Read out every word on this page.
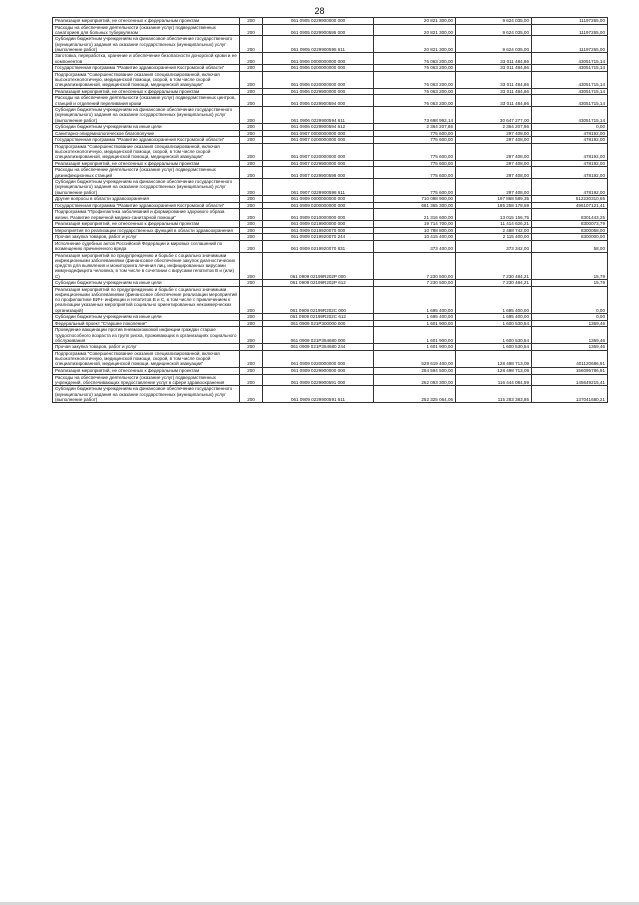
28
Реализация мероприятий, не отнесенных к федеральным проектам	200	061 0905 0229900000 000	20 821 300,00	9 624 035,00	11197265,00
Расходы на обеспечение деятельности (оказание услуг) подведомственных санаториев для больных туберкулезом	200	061 0905 0229900595 000	20 821 300,00	9 624 035,00	11197265,00
Субсидии бюджетным учреждениям на финансовое обеспечение государственного (муниципального) задания на оказание государственных (муниципальных) услуг (выполнение работ)	200	061 0905 0229900595 611	20 821 300,00	9 624 035,00	11197265,00
Заготовка, переработка, хранение и обеспечение безопасности донорской крови и ее компонентов	200	061 0906 0000000000 000	76 063 200,00	33 011 484,86	43051715,14
Государственная программа "Развитие здравоохранения Костромской области"	200	061 0906 0200000000 000	76 063 200,00	33 011 484,86	43051715,14
Подпрограмма "Совершенствование оказания специализированной, включая высокотехнологичную, медицинской помощи, скорой, в том числе скорой специализированной, медицинской помощи, медицинской эвакуации"	200	061 0906 0220000000 000	76 063 200,00	33 011 484,86	43051715,14
Реализация мероприятий, не отнесенных к федеральным проектам	200	061 0906 0229900000 000	76 063 200,00	33 011 484,86	43051715,14
Расходы на обеспечение деятельности (оказание услуг) подведомственных центров, станций и отделений переливания крови	200	061 0906 0229900594 000	76 063 200,00	33 011 484,86	43051715,14
Субсидии бюджетным учреждениям на финансовое обеспечение государственного (муниципального) задания на оказание государственных (муниципальных) услуг (выполнение работ)	200	061 0906 0229900594 611	73 698 992,14	30 647 277,00	43051715,14
Субсидии бюджетным учреждениям на иные цели	200	061 0906 0229900594 612	2 364 207,86	2 364 207,86	0,00
Санитарно-эпидемиологическое благополучие	200	061 0907 0000000000 000	775 600,00	297 408,00	478192,00
Государственная программа "Развитие здравоохранения Костромской области"	200	061 0907 0200000000 000	775 600,00	297 408,00	478192,00
Подпрограмма "Совершенствование оказания специализированной, включая высокотехнологичную, медицинской помощи, скорой, в том числе скорой специализированной, медицинской помощи, медицинской эвакуации"	200	061 0907 0220000000 000	775 600,00	297 408,00	478192,00
Реализация мероприятий, не отнесенных к федеральным проектам	200	061 0907 0229900000 000	775 600,00	297 408,00	478192,00
Расходы на обеспечение деятельности (оказание услуг) подведомственных дезинфекционных станций	200	061 0907 0229900598 000	775 600,00	297 408,00	478192,00
Субсидии бюджетным учреждениям на финансовое обеспечение государственного (муниципального) задания на оказание государственных (муниципальных) услуг (выполнение работ)	200	061 0907 0229900598 611	775 600,00	297 408,00	478192,00
Другие вопросы в области здравоохранения	200	061 0909 0000000000 000	710 098 900,00	197 868 589,35	512230310,65
Государственная программа "Развитие здравоохранения Костромской области"	200	061 0909 0200000000 000	681 365 300,00	185 258 178,59	496107121,41
Подпрограмма "Профилактика заболеваний и формирование здорового образа жизни. Развитие первичной медико-санитарной помощи"	200	061 0909 0210000000 000	21 316 600,00	13 015 156,75	8301443,25
Реализация мероприятий, не отнесенных к федеральным проектам	200	061 0909 0219900000 000	19 714 700,00	11 414 626,21	8300073,79
Мероприятия по реализации государственных функций в области здравоохранения	200	061 0909 0219920070 000	10 788 800,00	2 488 742,00	8300058,00
Прочая закупка товаров, работ и услуг	200	061 0909 0219920070 244	10 415 400,00	2 115 400,00	8300000,00
Исполнение судебных актов Российской Федерации и мировых соглашений по возмещению причиненного вреда	200	061 0909 0219920070 831	373 400,00	373 342,00	58,00
Реализация мероприятий по предупреждению и борьбе с социально значимыми инфекционными заболеваниями (финансовое обеспечение закупок диагностических средств для выявления и мониторинга лечения лиц, инфицированных вирусами иммунодефицита человека, в том числе в сочетании с вирусами гепатитов В и (или) С)	200	061 0909 02199R202Р 000	7 230 500,00	7 230 484,21	15,79
Субсидии бюджетным учреждениям на иные цели	200	061 0909 02199R202Р 612	7 230 500,00	7 230 484,21	15,79
Реализация мероприятий по предупреждению и борьбе с социально значимыми инфекционными заболеваниями (финансовое обеспечение реализации мероприятий по профилактике ВИЧ- инфекции и гепатитов В и С, в том числе с привлечением к реализации указанных мероприятий социально ориентированных некоммерческих организаций)	200	061 0909 02199R202С 000	1 695 400,00	1 695 400,00	0,00
Субсидии бюджетным учреждениям на иные цели	200	061 0909 02199R202С 612	1 695 400,00	1 695 400,00	0,00
Федеральный проект "Старшее поколение"	200	061 0909 021Р300000 000	1 601 900,00	1 600 530,54	1369,46
Проведение вакцинации против пневмококковой инфекции граждан старше трудоспособного возраста из групп риска, проживающих в организациях социального обслуживания	200	061 0909 021Р354680 000	1 601 900,00	1 600 530,54	1369,46
Прочая закупка товаров, работ и услуг	200	061 0909 021Р354680 244	1 601 900,00	1 600 530,54	1369,46
Подпрограмма "Совершенствование оказания специализированной, включая высокотехнологичную, медицинской помощи, скорой, в том числе скорой специализированной, медицинской помощи, медицинской эвакуации"	200	061 0909 0220000000 000	529 619 400,00	128 498 713,09	401120686,91
Реализация мероприятий, не отнесенных к федеральным проектам	200	061 0909 0229900000 000	284 594 500,00	128 498 713,09	156095786,91
Расходы на обеспечение деятельности (оказание услуг) подведомственных учреждений, обеспечивающих предоставление услуг в сфере здравоохранения	200	061 0909 0229900591 000	262 093 300,00	116 444 084,59	145649215,41
Субсидии бюджетным учреждениям на финансовое обеспечение государственного (муниципального) задания на оказание государственных (муниципальных) услуг (выполнение работ)	200	061 0909 0229900591 611	252 325 064,06	115 283 383,85	137041680,21
